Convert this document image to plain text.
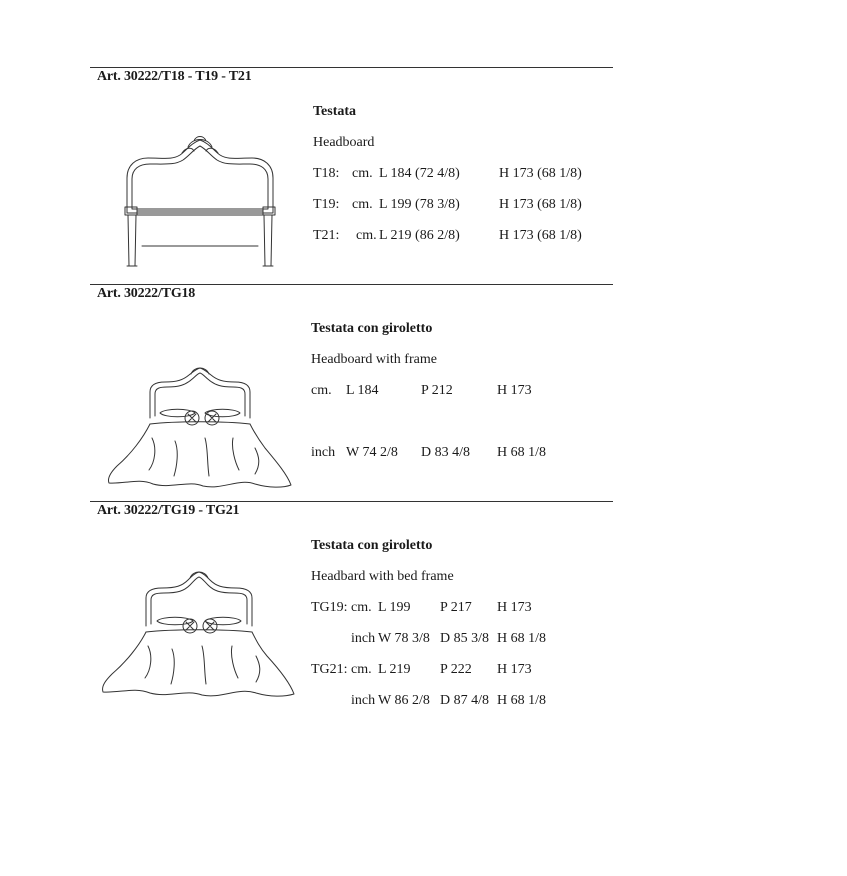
Art. 30222/T18 - T19 - T21
Testata
Headboard
T18: cm. L 184 (72 4/8)	H 173 (68 1/8)
T19: cm. L 199 (78 3/8)	H 173 (68 1/8)
T21: cm. L 219 (86 2/8)	H 173 (68 1/8)
Art. 30222/TG18
Testata con giroletto
Headboard with frame
cm. L 184	P 212	H 173
inch W 74 2/8 D 83 4/8 H 68 1/8
Art. 30222/TG19 - TG21
Testata con giroletto
Headbard with bed frame
TG19: cm. L 199 P 217 H 173
inch W 78 3/8 D 85 3/8 H 68 1/8
TG21: cm. L 219 P 222 H 173
inch W 86 2/8 D 87 4/8 H 68 1/8
